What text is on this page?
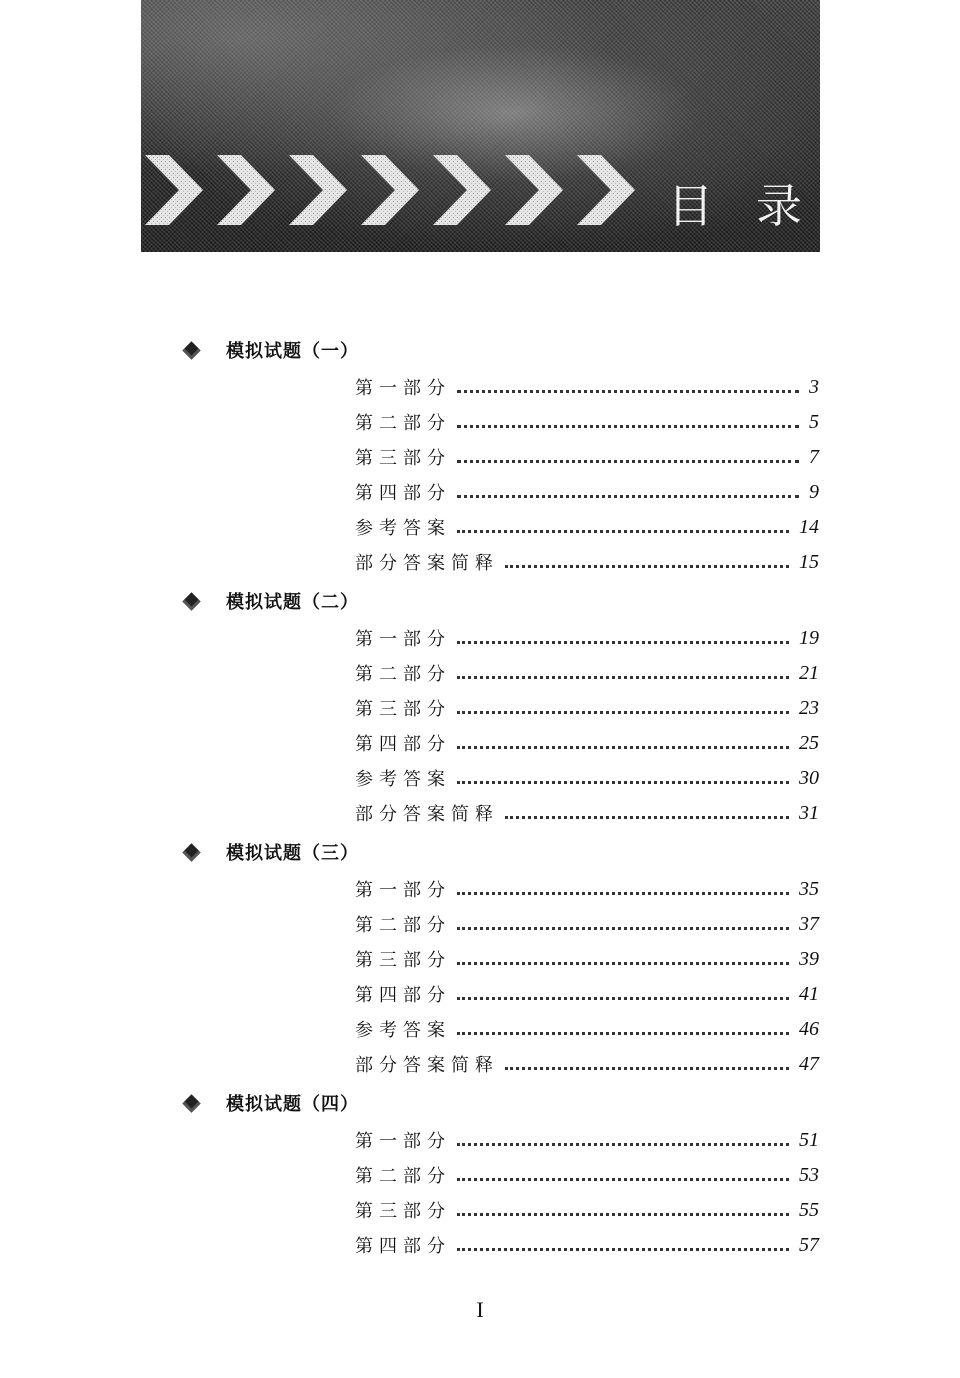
目 录
模拟试题（一）
第一部分	3
第二部分	5
第三部分	7
第四部分	9
参考答案	14
部分答案简释	15
模拟试题（二）
第一部分	19
第二部分	21
第三部分	23
第四部分	25
参考答案	30
部分答案简释	31
模拟试题（三）
第一部分	35
第二部分	37
第三部分	39
第四部分	41
参考答案	46
部分答案简释	47
模拟试题（四）
第一部分	51
第二部分	53
第三部分	55
第四部分	57
I
